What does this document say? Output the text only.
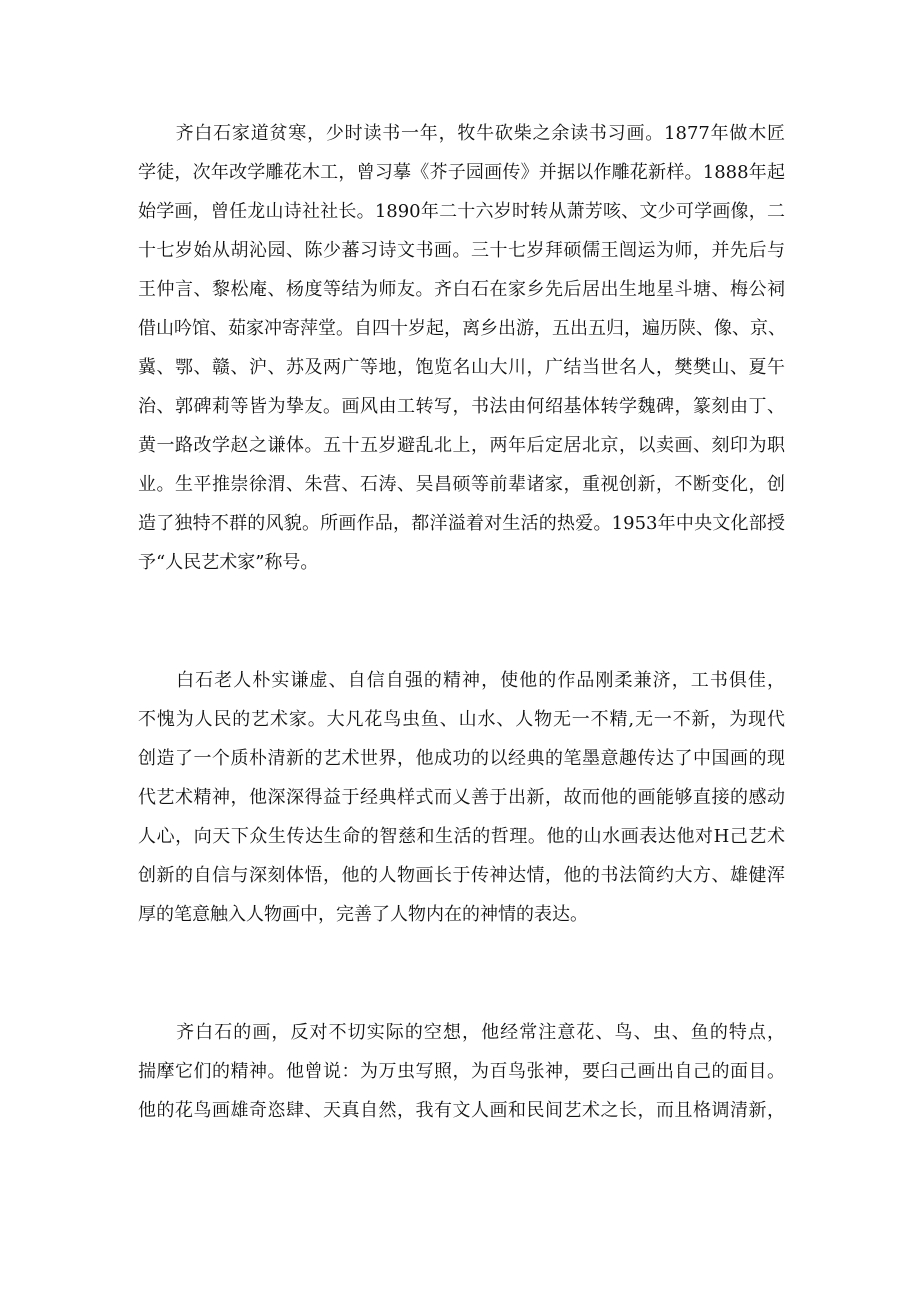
　　齐白石家道贫寒，少时读书一年，牧牛砍柴之余读书习画。1877年做木匠
学徒，次年改学雕花木工，曾习摹《芥子园画传》并据以作雕花新样。1888年起
始学画，曾任龙山诗社社长。1890年二十六岁时转从萧芳咳、文少可学画像，二
十七岁始从胡沁园、陈少蕃习诗文书画。三十七岁拜硕儒王闿运为师，并先后与
王仲言、黎松庵、杨度等结为师友。齐白石在家乡先后居出生地星斗塘、梅公祠
借山吟馆、茹家冲寄萍堂。自四十岁起，离乡出游，五出五归，遍历陕、像、京、
冀、鄂、赣、沪、苏及两广等地，饱览名山大川，广结当世名人，樊樊山、夏午
治、郭碑莉等皆为挚友。画风由工转写，书法由何绍基体转学魏碑，篆刻由丁、
黄一路改学赵之谦体。五十五岁避乱北上，两年后定居北京，以卖画、刻印为职
业。生平推崇徐渭、朱营、石涛、吴昌硕等前辈诸家，重视创新，不断变化，创
造了独特不群的风貌。所画作品，都洋溢着对生活的热爱。1953年中央文化部授
予“人民艺术家”称号。
　　白石老人朴实谦虚、自信自强的精神，使他的作品刚柔兼济，工书俱佳，
不愧为人民的艺术家。大凡花鸟虫鱼、山水、人物无一不精,无一不新，为现代
创造了一个质朴清新的艺术世界，他成功的以经典的笔墨意趣传达了中国画的现
代艺术精神，他深深得益于经典样式而乂善于出新，故而他的画能够直接的感动
人心，向天下众生传达生命的智慈和生活的哲理。他的山水画表达他对H己艺术
创新的自信与深刻体悟，他的人物画长于传神达情，他的书法简约大方、雄健浑
厚的笔意触入人物画中，完善了人物内在的神情的表达。
　　齐白石的画，反对不切实际的空想，他经常注意花、鸟、虫、鱼的特点，
揣摩它们的精神。他曾说：为万虫写照，为百鸟张神，要臼己画出自己的面目。
他的花鸟画雄奇恣肆、天真自然，我有文人画和民间艺术之长，而且格调清新，
